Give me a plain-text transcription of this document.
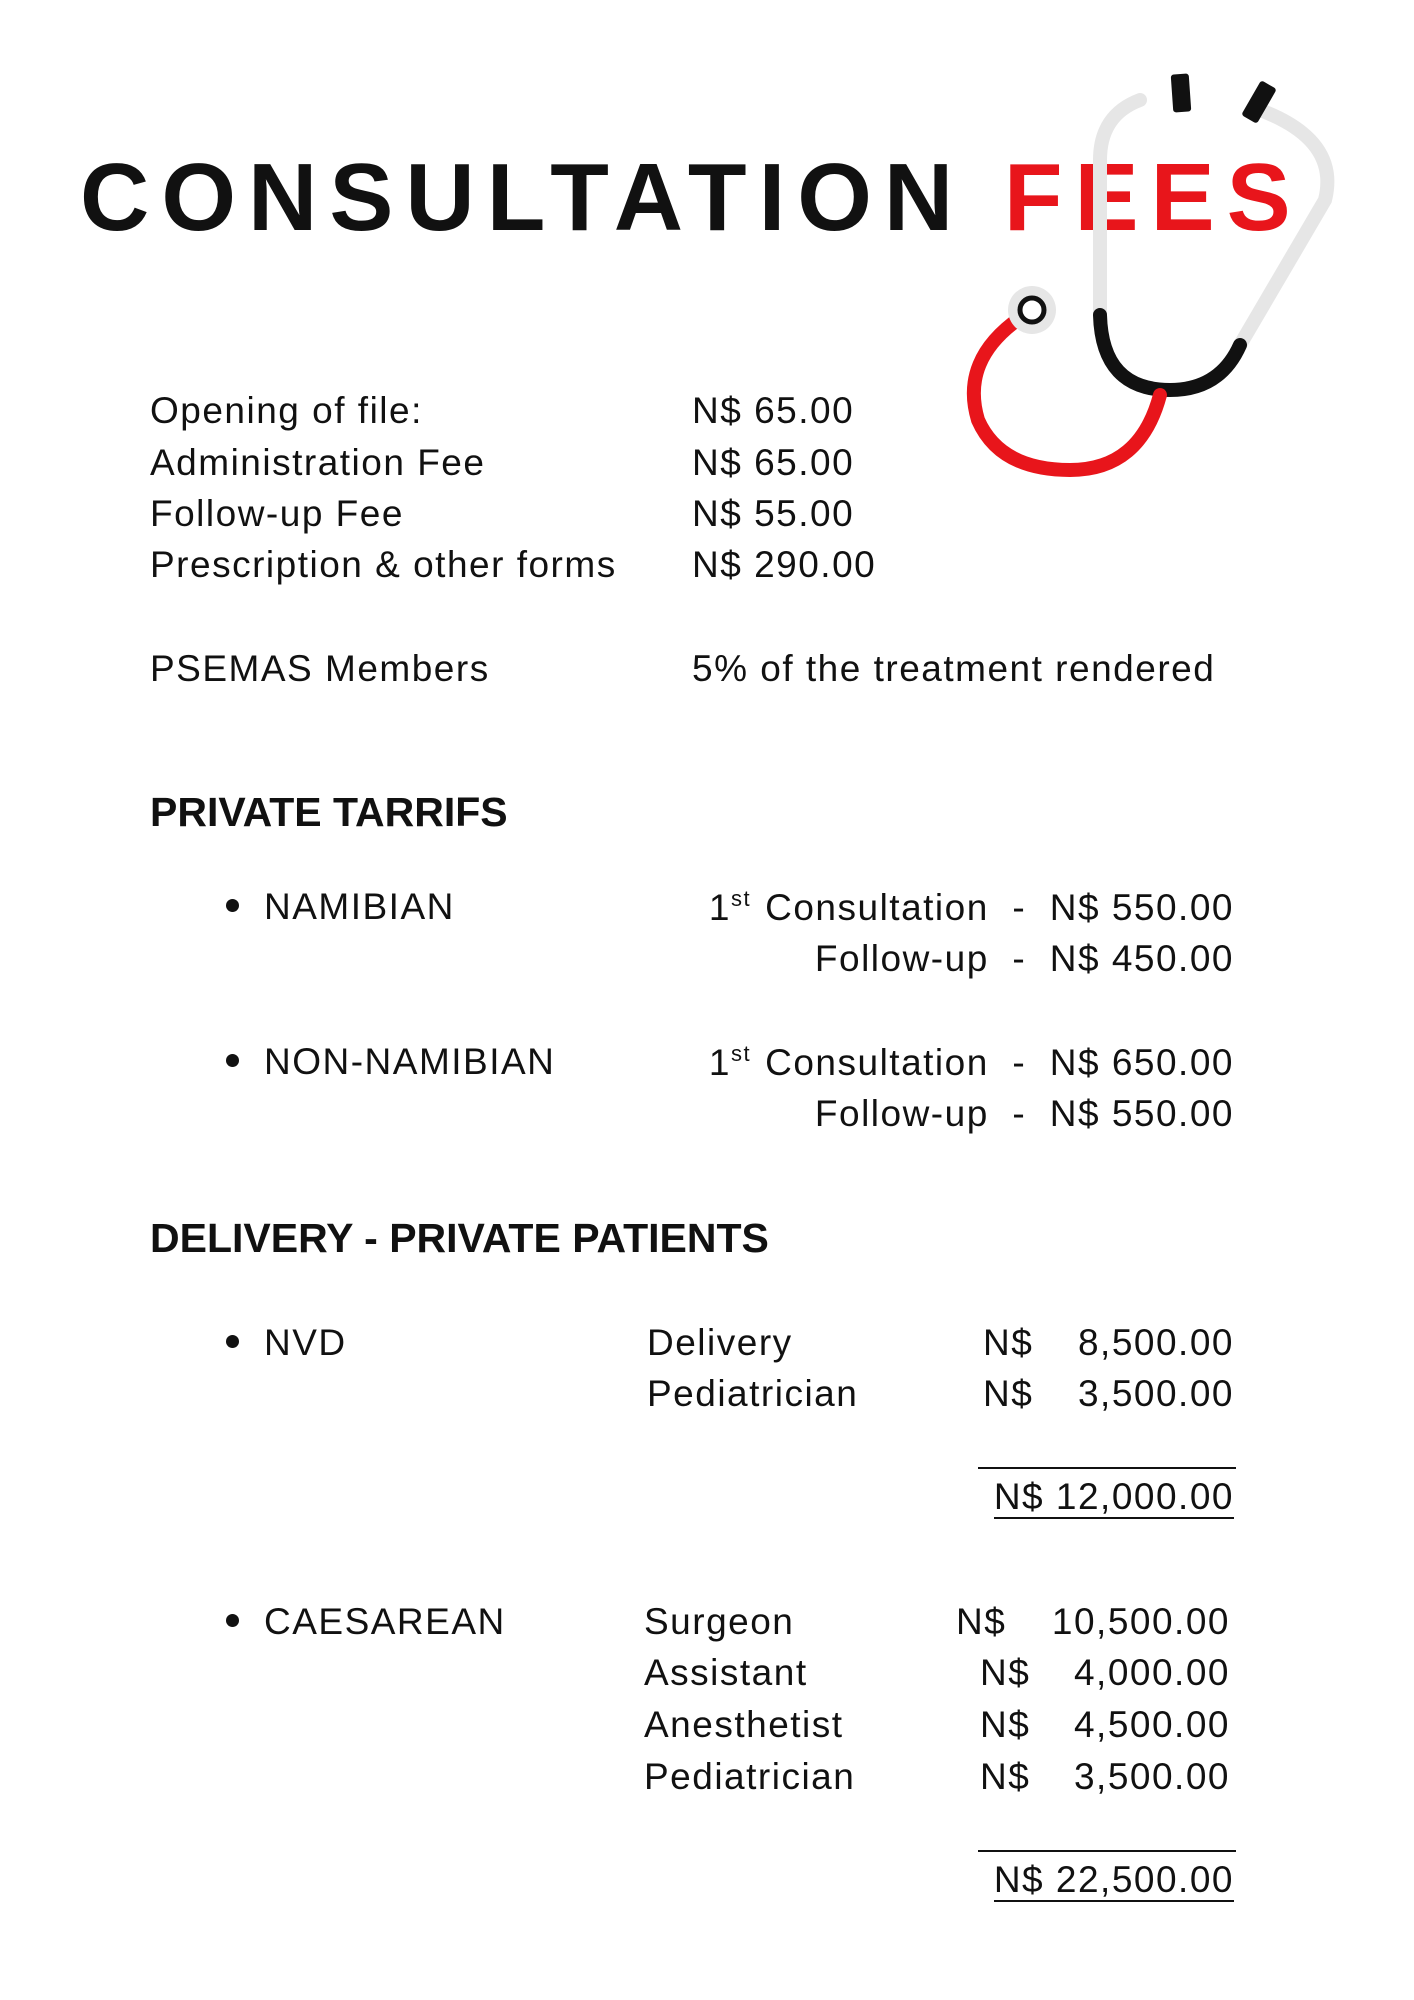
CONSULTATION FEES
Opening of file:	N$ 65.00
Administration Fee	N$ 65.00
Follow-up Fee	N$ 55.00
Prescription & other forms N$ 290.00
PSEMAS Members	5% of the treatment rendered
PRIVATE TARRIFS
NAMIBIAN	1st Consultation - N$ 550.00
Follow-up - N$ 450.00
NON-NAMIBIAN	1st Consultation - N$ 650.00
Follow-up - N$ 550.00
DELIVERY - PRIVATE PATIENTS
NVD	Delivery	N$ 8,500.00
Pediatrician	N$ 3,500.00
N$ 12,000.00
CAESAREAN	Surgeon	N$ 10,500.00
Assistant	N$ 4,000.00
Anesthetist	N$ 4,500.00
Pediatrician	N$ 3,500.00
N$ 22,500.00
